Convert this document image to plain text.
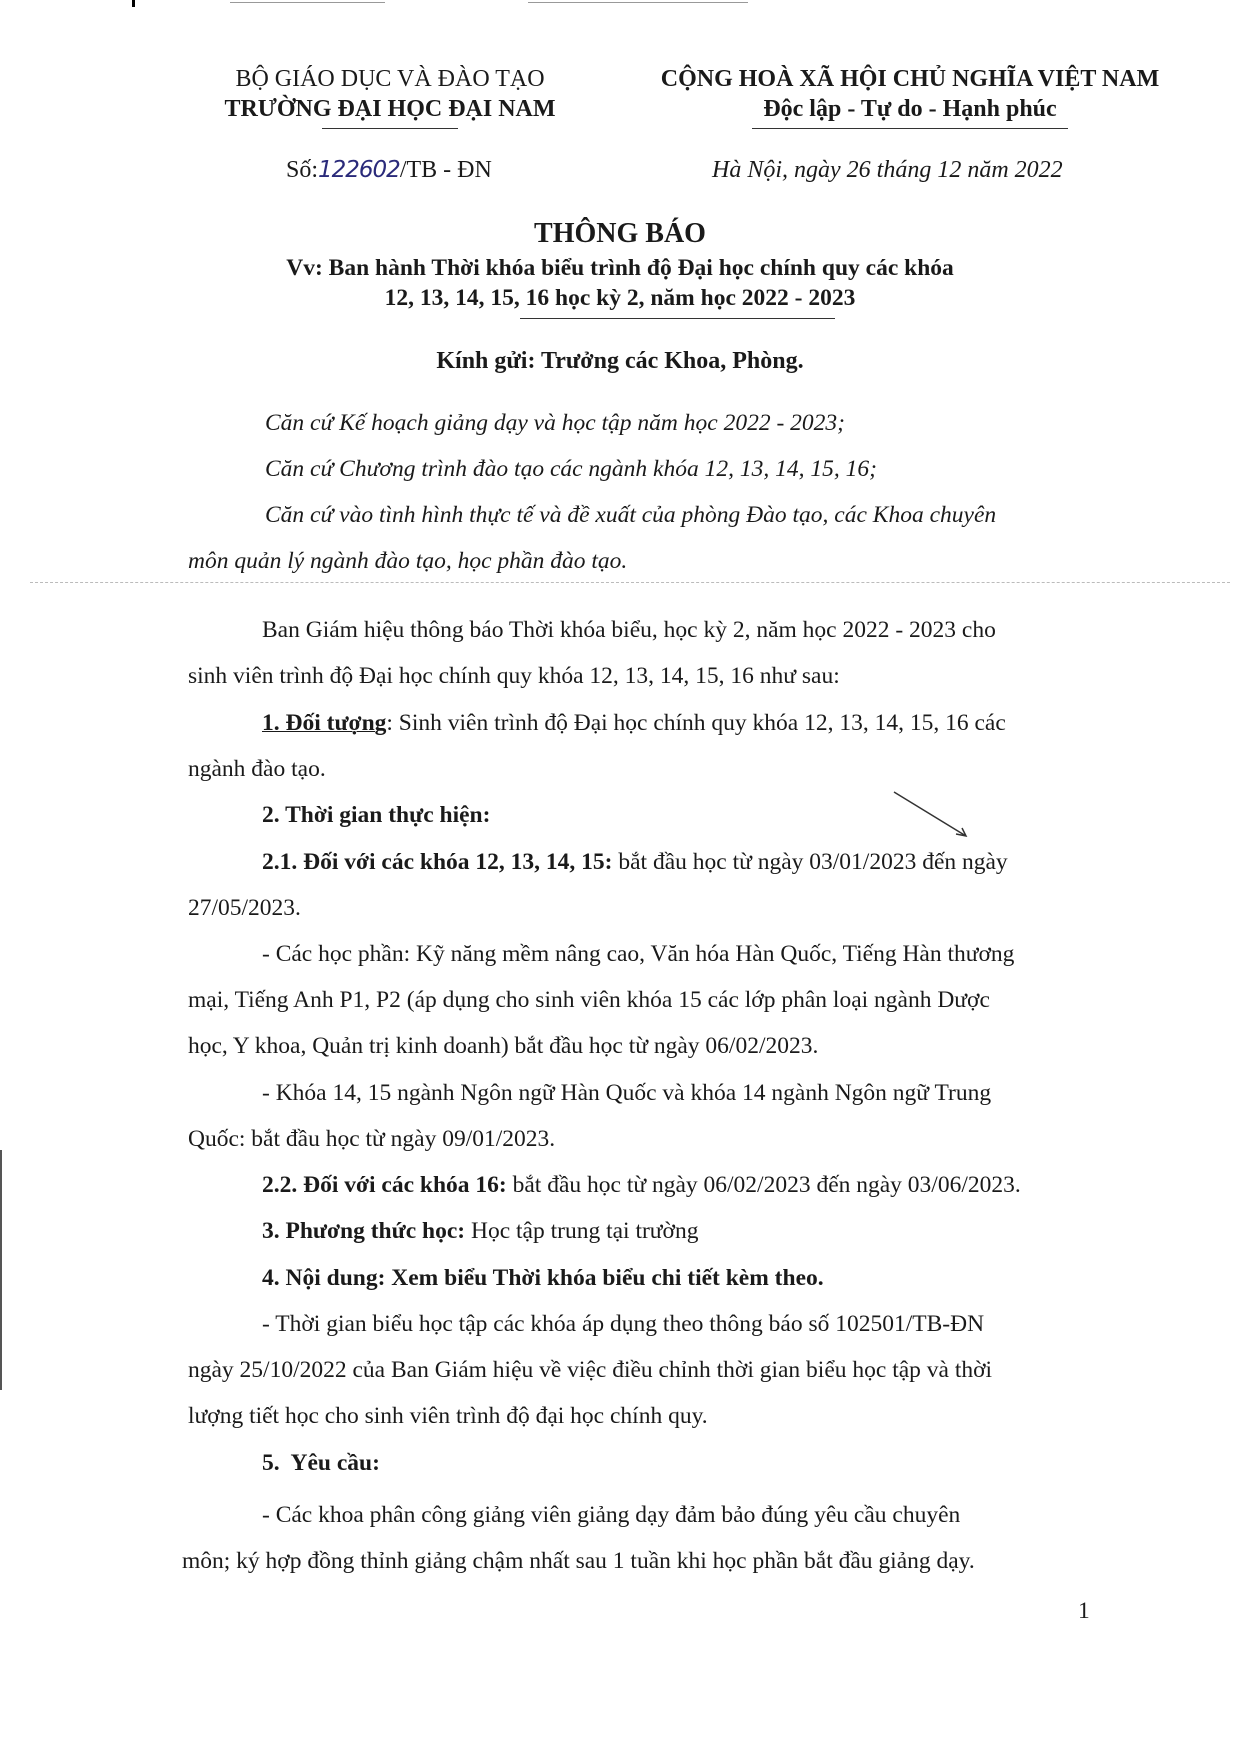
BỘ GIÁO DỤC VÀ ĐÀO TẠO
TRƯỜNG ĐẠI HỌC ĐẠI NAM
Số:122602/TB - ĐN
CỘNG HOÀ XÃ HỘI CHỦ NGHĨA VIỆT NAM
Độc lập - Tự do - Hạnh phúc
Hà Nội, ngày 26 tháng 12 năm 2022
THÔNG BÁO
Vv: Ban hành Thời khóa biểu trình độ Đại học chính quy các khóa
12, 13, 14, 15, 16 học kỳ 2, năm học 2022 - 2023
Kính gửi: Trưởng các Khoa, Phòng.
Căn cứ Kế hoạch giảng dạy và học tập năm học 2022 - 2023;
Căn cứ Chương trình đào tạo các ngành khóa 12, 13, 14, 15, 16;
Căn cứ vào tình hình thực tế và đề xuất của phòng Đào tạo, các Khoa chuyên
môn quản lý ngành đào tạo, học phần đào tạo.
Ban Giám hiệu thông báo Thời khóa biểu, học kỳ 2, năm học 2022 - 2023 cho
sinh viên trình độ Đại học chính quy khóa 12, 13, 14, 15, 16 như sau:
1. Đối tượng: Sinh viên trình độ Đại học chính quy khóa 12, 13, 14, 15, 16 các
ngành đào tạo.
2. Thời gian thực hiện:
2.1. Đối với các khóa 12, 13, 14, 15: bắt đầu học từ ngày 03/01/2023 đến ngày
27/05/2023.
- Các học phần: Kỹ năng mềm nâng cao, Văn hóa Hàn Quốc, Tiếng Hàn thương
mại, Tiếng Anh P1, P2 (áp dụng cho sinh viên khóa 15 các lớp phân loại ngành Dược
học, Y khoa, Quản trị kinh doanh) bắt đầu học từ ngày 06/02/2023.
- Khóa 14, 15 ngành Ngôn ngữ Hàn Quốc và khóa 14 ngành Ngôn ngữ Trung
Quốc: bắt đầu học từ ngày 09/01/2023.
2.2. Đối với các khóa 16: bắt đầu học từ ngày 06/02/2023 đến ngày 03/06/2023.
3. Phương thức học: Học tập trung tại trường
4. Nội dung: Xem biểu Thời khóa biểu chi tiết kèm theo.
- Thời gian biểu học tập các khóa áp dụng theo thông báo số 102501/TB-ĐN
ngày 25/10/2022 của Ban Giám hiệu về việc điều chỉnh thời gian biểu học tập và thời
lượng tiết học cho sinh viên trình độ đại học chính quy.
5.  Yêu cầu:
- Các khoa phân công giảng viên giảng dạy đảm bảo đúng yêu cầu chuyên
môn; ký hợp đồng thỉnh giảng chậm nhất sau 1 tuần khi học phần bắt đầu giảng dạy.
1
